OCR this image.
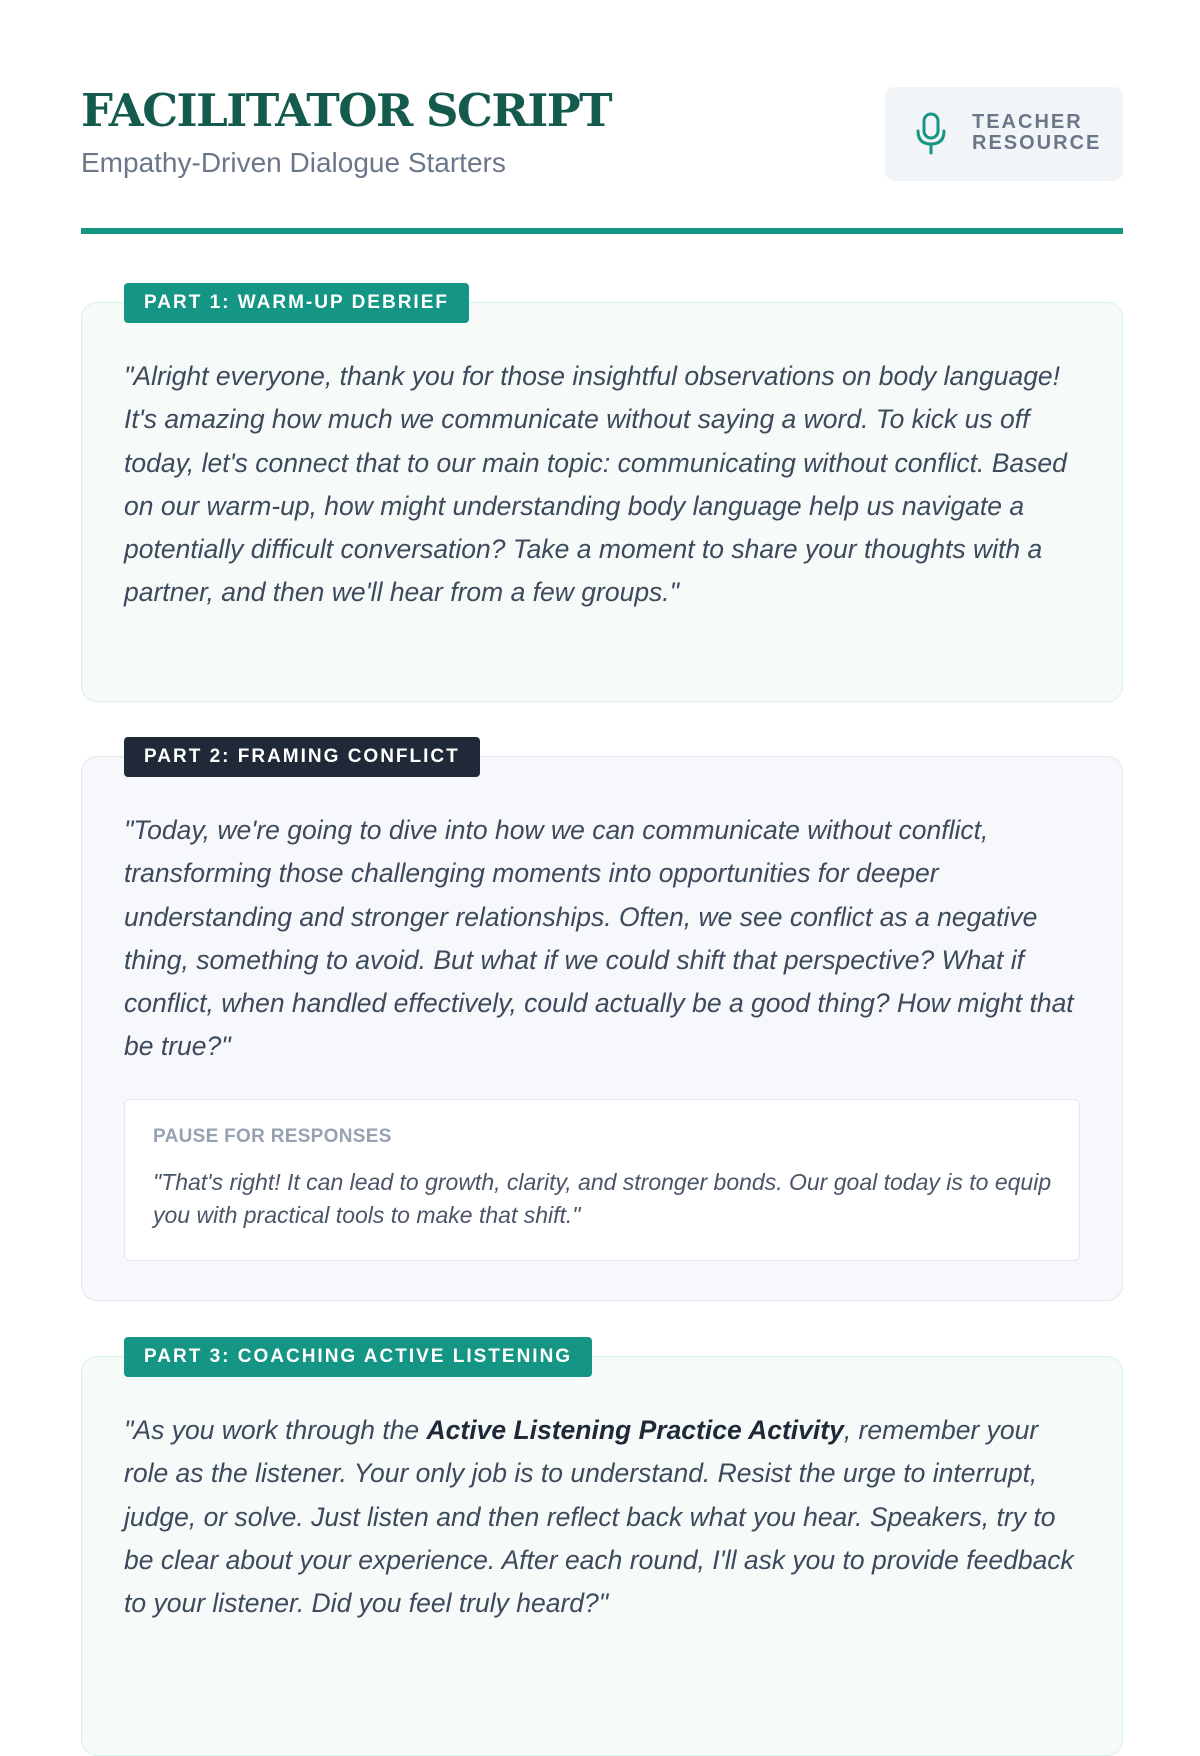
FACILITATOR SCRIPT
Empathy-Driven Dialogue Starters
TEACHER
RESOURCE
PART 1: WARM-UP DEBRIEF

"Alright everyone, thank you for those insightful observations on body language! It's amazing how much we communicate without saying a word. To kick us off today, let's connect that to our main topic: communicating without conflict. Based on our warm-up, how might understanding body language help us navigate a potentially difficult conversation? Take a moment to share your thoughts with a partner, and then we'll hear from a few groups."

PART 2: FRAMING CONFLICT

"Today, we're going to dive into how we can communicate without conflict, transforming those challenging moments into opportunities for deeper understanding and stronger relationships. Often, we see conflict as a negative thing, something to avoid. But what if we could shift that perspective? What if conflict, when handled effectively, could actually be a good thing? How might that be true?"

PAUSE FOR RESPONSES

"That's right! It can lead to growth, clarity, and stronger bonds. Our goal today is to equip you with practical tools to make that shift."

PART 3: COACHING ACTIVE LISTENING

"As you work through the Active Listening Practice Activity, remember your role as the listener. Your only job is to understand. Resist the urge to interrupt, judge, or solve. Just listen and then reflect back what you hear. Speakers, try to be clear about your experience. After each round, I'll ask you to provide feedback to your listener. Did you feel truly heard?"
